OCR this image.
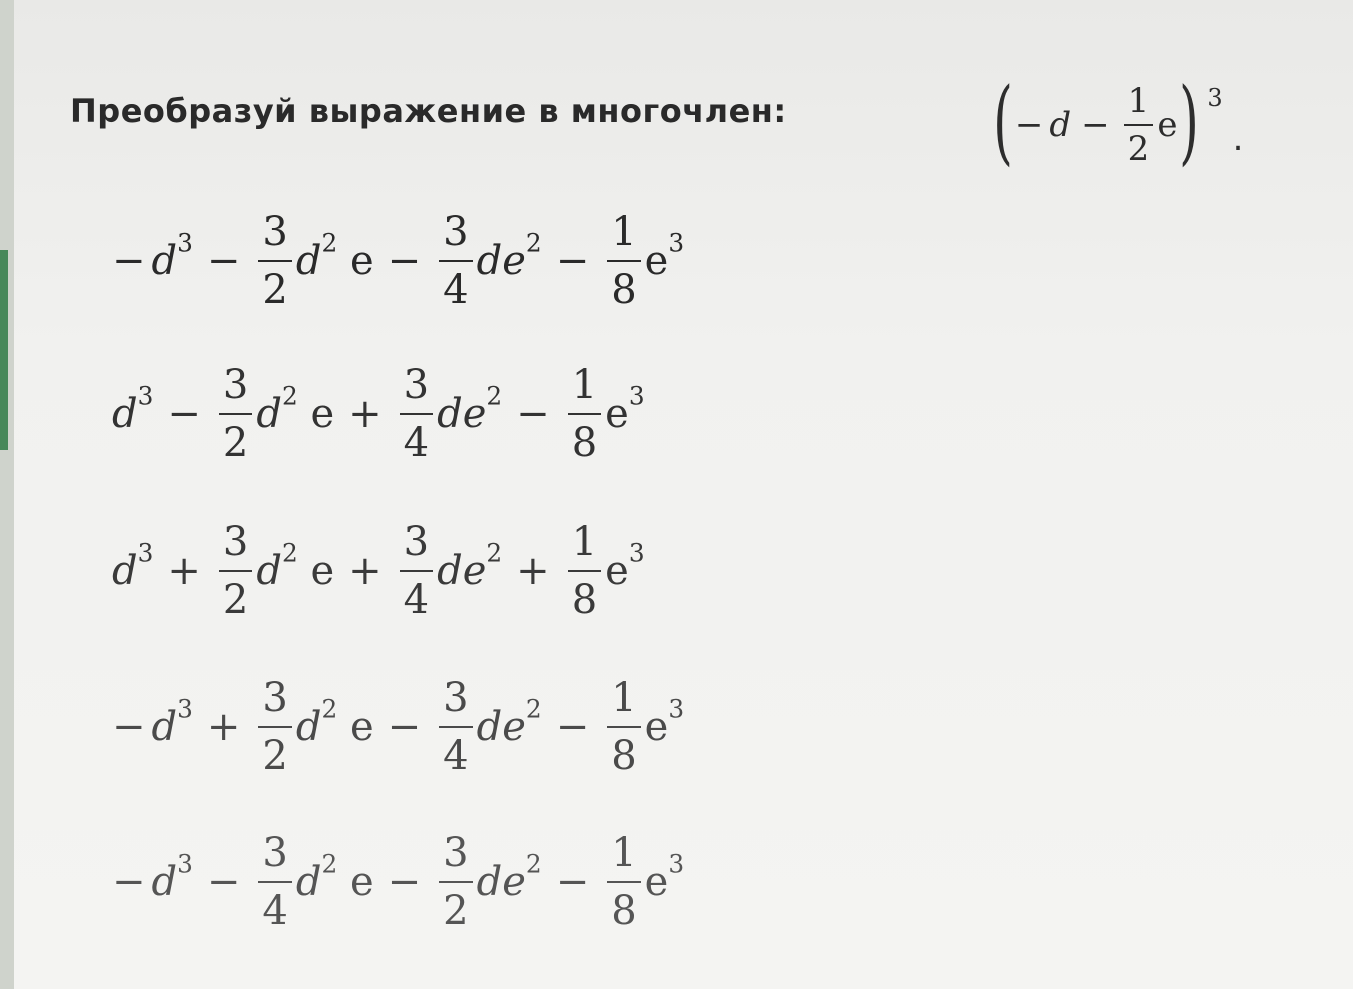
Преобразуй выражение в многочлен: ( − $d - \frac{1}{2}$ e ) 3
.
− $d^3 - \frac{3}{2} d^2$ $e - \frac{3}{4} de^2 - \frac{1}{8} e^3$
$d^3 - \frac{3}{2} d^2$ $e + \frac{3}{4} de^2 - \frac{1}{8} e^3$
$d^3 + \frac{3}{2} d^2$ $e + \frac{3}{4} de^2 + \frac{1}{8} e^3$
− $d^3 + \frac{3}{2} d^2$ $e - \frac{3}{4} de^2 - \frac{1}{8} e^3$
− $d^3 - \frac{3}{4} d^2$ $e - \frac{3}{2} de^2 - \frac{1}{8} e^3$
